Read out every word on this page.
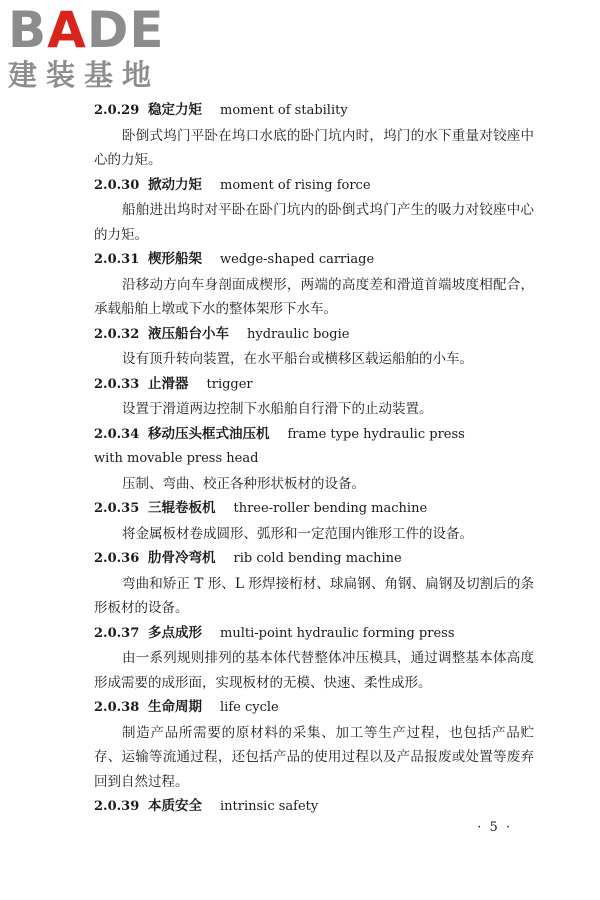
BADE
建装基地
2.0.29 稳定力矩 moment of stability
卧倒式坞门平卧在坞口水底的卧门坑内时，坞门的水下重量对铰座中心的力矩。
2.0.30 掀动力矩 moment of rising force
船舶进出坞时对平卧在卧门坑内的卧倒式坞门产生的吸力对铰座中心的力矩。
2.0.31 楔形船架 wedge-shaped carriage
沿移动方向车身剖面成楔形，两端的高度差和滑道首端坡度相配合，承载船舶上墩或下水的整体架形下水车。
2.0.32 液压船台小车 hydraulic bogie
设有顶升转向装置，在水平船台或横移区载运船舶的小车。
2.0.33 止滑器 trigger
设置于滑道两边控制下水船舶自行滑下的止动装置。
2.0.34 移动压头框式油压机 frame type hydraulic press
with movable press head
压制、弯曲、校正各种形状板材的设备。
2.0.35 三辊卷板机 three-roller bending machine
将金属板材卷成圆形、弧形和一定范围内锥形工件的设备。
2.0.36 肋骨冷弯机 rib cold bending machine
弯曲和矫正 T 形、L 形焊接桁材、球扁钢、角钢、扁钢及切割后的条形板材的设备。
2.0.37 多点成形 multi-point hydraulic forming press
由一系列规则排列的基本体代替整体冲压模具，通过调整基本体高度形成需要的成形面，实现板材的无模、快速、柔性成形。
2.0.38 生命周期 life cycle
制造产品所需要的原材料的采集、加工等生产过程，也包括产品贮存、运输等流通过程，还包括产品的使用过程以及产品报废或处置等废弃回到自然过程。
2.0.39 本质安全 intrinsic safety
· 5 ·
